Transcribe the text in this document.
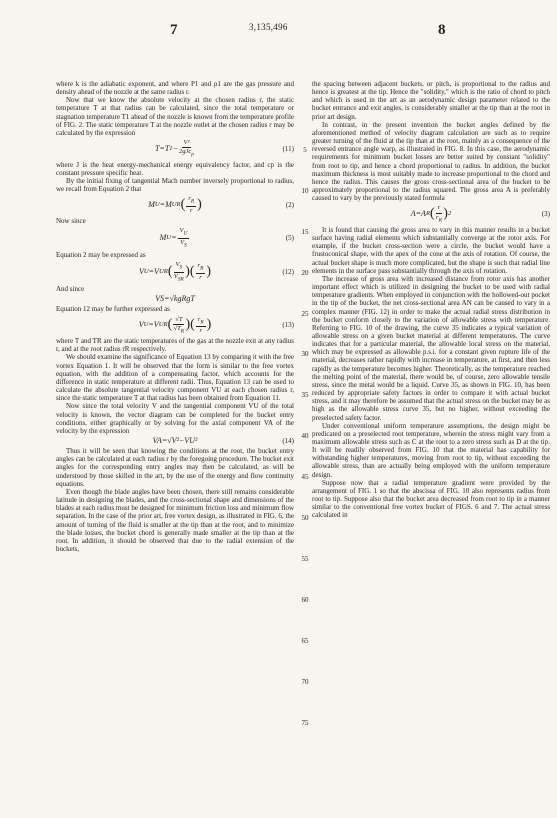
7	3,135,496	8
5
10
15
20
25
30
35
40
45
50
55
60
65
70
75

where k is the adiabatic exponent, and where P1 and ρ1 are the gas pressure and density ahead of the nozzle at the same radius r.

Now that we know the absolute velocity at the chosen radius r, the static temperature T at that radius can be calculated, since the total temperature or stagnation temperature T1 ahead of the nozzle is known from the temperature profile of FIG. 2. The static temperature T at the nozzle outlet at the chosen radius r may be calculated by the expression

T=T $1 - \frac{\text{V²}}{2gJc_p}$	(11)

where J is the heat energy-mechanical energy equivalency factor, and cp is the constant pressure specific heat.

By the initial fixing of tangential Mach number inversely proportional to radius, we recall from Equation 2 that

M U =M UR ( $\frac{r_R}{r}$ )	(2)

Now since

M $U = \frac{V_U}{V_S}$	(5)

Equation 2 may be expressed as

V U =V UR ( $\frac{V_S}{V_{SR}}$ ) ( $\frac{r_R}{r}$ )	(12)

And since

VS=√kgRgT

Equation 12 may be further expressed as

V U =V UR ( $\frac{√T}{√T_R}$ ) ( $\frac{r_R}{r}$ )	(13)

where T and TR are the static temperatures of the gas at the nozzle exit at any radius r, and at the root radius rR respectively.

We should examine the significance of Equation 13 by comparing it with the free vortex Equation 1. It will be observed that the form is similar to the free vortex equation, with the addition of a compensating factor, which accounts for the difference in static temperature at different radii. Thus, Equation 13 can be used to calculate the absolute tangential velocity component VU at each chosen radius r, since the static temperature T at that radius has been obtained from Equation 11.

Now since the total velocity V and the tangential component VU of the total velocity is known, the vector diagram can be completed for the bucket entry conditions, either graphically or by solving for the axial component VA of the velocity by the expression

VA=√V²−VU²	(14)

Thus it will be seen that knowing the conditions at the root, the bucket entry angles can be calculated at each radius r by the foregoing procedure. The bucket exit angles for the corresponding entry angles may then be calculated, as will be understood by those skilled in the art, by the use of the energy and flow continuity equations.

Even though the blade angles have been chosen, there still remains considerable latitude in designing the blades, and the cross-sectional shape and dimensions of the blades at each radius must be designed for minimum friction loss and minimum flow separation. In the case of the prior art, free vortex design, as illustrated in FIG. 6, the amount of turning of the fluid is smaller at the tip than at the root, and to minimize the blade losses, the bucket chord is generally made smaller at the tip than at the root. In addition, it should be observed that due to the radial extension of the buckets,

the spacing between adjacent buckets, or pitch, is proportional to the radius and hence is greatest at the tip. Hence the "solidity," which is the ratio of chord to pitch and which is used in the art as an aerodynamic design parameter related to the bucket entrance and exit angles, is considerably smaller at the tip than at the root in prior art design.

In contrast, in the present invention the bucket angles defined by the aforementioned method of velocity diagram calculation are such as to require greater turning of the fluid at the tip than at the root, mainly as a consequence of the reversed entrance angle warp, as illustrated in FIG. 8. In this case, the aerodynamic requirements for minimum bucket losses are better suited by constant "solidity" from root to tip, and hence a chord proportional to radius. In addition, the bucket maximum thickness is most suitably made to increase proportional to the chord and hence the radius. This causes the gross cross-sectional area of the bucket to be approximately proportional to the radius squared. The gross area A is preferably caused to vary by the previously stated formula

A=A R ( $\frac{r}{r_R}$ ) 2	(3)

It is found that causing the gross area to vary in this manner results in a bucket surface having radial elements which substantially converge at the rotor axis. For example, if the bucket cross-section were a circle, the bucket would have a frustoconical shape, with the apex of the cone at the axis of rotation. Of course, the actual bucket shape is much more complicated, but the shape is such that radial line elements in the surface pass substantially through the axis of rotation.

The increase of gross area with increased distance from rotor axis has another important effect which is utilized in designing the bucket to be used with radial temperature gradients. When employed in conjunction with the hollowed-out pocket in the tip of the bucket, the net cross-sectional area AN can be caused to vary in a complex manner (FIG. 12) in order to make the actual radial stress distribution in the bucket conform closely to the variation of allowable stress with temperature. Referring to FIG. 10 of the drawing, the curve 35 indicates a typical variation of allowable stress on a given bucket material at different temperatures. The curve indicates that for a particular material, the allowable local stress on the material, which may be expressed as allowable p.s.i. for a constant given rupture life of the material, decreases rather rapidly with increase in temperature, at first, and then less rapidly as the temperature becomes higher. Theoretically, as the temperature reached the melting point of the material, there would be, of course, zero allowable tensile stress, since the metal would be a liquid. Curve 35, as shown in FIG. 10, has been reduced by appropriate safety factors in order to compare it with actual bucket stress, and it may therefore be assumed that the actual stress on the bucket may be as high as the allowable stress curve 35, but no higher, without exceeding the preselected safety factor.

Under conventional uniform temperature assumptions, the design might be predicated on a preselected root temperature, wherein the stress might vary from a maximum allowable stress such as C at the root to a zero stress such as D at the tip. It will be readily observed from FIG. 10 that the material has capability for withstanding higher temperatures, moving from root to tip, without exceeding the allowable stress, than are actually being employed with the uniform temperature design.

Suppose now that a radial temperature gradient were provided by the arrangement of FIG. 1 so that the abscissa of FIG. 10 also represents radius from root to tip. Suppose also that the bucket area decreased from root to tip in a manner similar to the conventional free vortex bucket of FIGS. 6 and 7. The actual stress calculated in
